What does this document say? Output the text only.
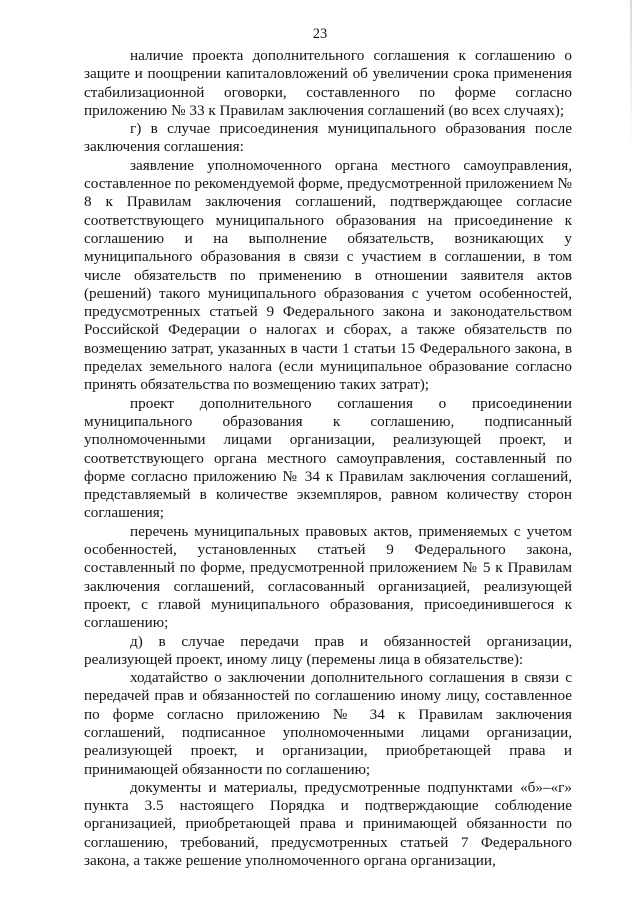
23

наличие проекта дополнительного соглашения к соглашению о защите и поощрении капиталовложений об увеличении срока применения стабилизационной оговорки, составленного по форме согласно приложению № 33 к Правилам заключения соглашений (во всех случаях);

г) в случае присоединения муниципального образования после заключения соглашения:

заявление уполномоченного органа местного самоуправления, составленное по рекомендуемой форме, предусмотренной приложением № 8 к Правилам заключения соглашений, подтверждающее согласие соответствующего муниципального образования на присоединение к соглашению и на выполнение обязательств, возникающих у муниципального образования в связи с участием в соглашении, в том числе обязательств по применению в отношении заявителя актов (решений) такого муниципального образования с учетом особенностей, предусмотренных статьей 9 Федерального закона и законодательством Российской Федерации о налогах и сборах, а также обязательств по возмещению затрат, указанных в части 1 статьи 15 Федерального закона, в пределах земельного налога (если муниципальное образование согласно принять обязательства по возмещению таких затрат);

проект дополнительного соглашения о присоединении муниципального образования к соглашению, подписанный уполномоченными лицами организации, реализующей проект, и соответствующего органа местного самоуправления, составленный по форме согласно приложению № 34 к Правилам заключения соглашений, представляемый в количестве экземпляров, равном количеству сторон соглашения;

перечень муниципальных правовых актов, применяемых с учетом особенностей, установленных статьей 9 Федерального закона, составленный по форме, предусмотренной приложением № 5 к Правилам заключения соглашений, согласованный организацией, реализующей проект, с главой муниципального образования, присоединившегося к соглашению;

д) в случае передачи прав и обязанностей организации, реализующей проект, иному лицу (перемены лица в обязательстве):

ходатайство о заключении дополнительного соглашения в связи с передачей прав и обязанностей по соглашению иному лицу, составленное по форме согласно приложению № 34 к Правилам заключения соглашений, подписанное уполномоченными лицами организации, реализующей проект, и организации, приобретающей права и принимающей обязанности по соглашению;

документы и материалы, предусмотренные подпунктами «б»–«г» пункта 3.5 настоящего Порядка и подтверждающие соблюдение организацией, приобретающей права и принимающей обязанности по соглашению, требований, предусмотренных статьей 7 Федерального закона, а также решение уполномоченного органа организации,
